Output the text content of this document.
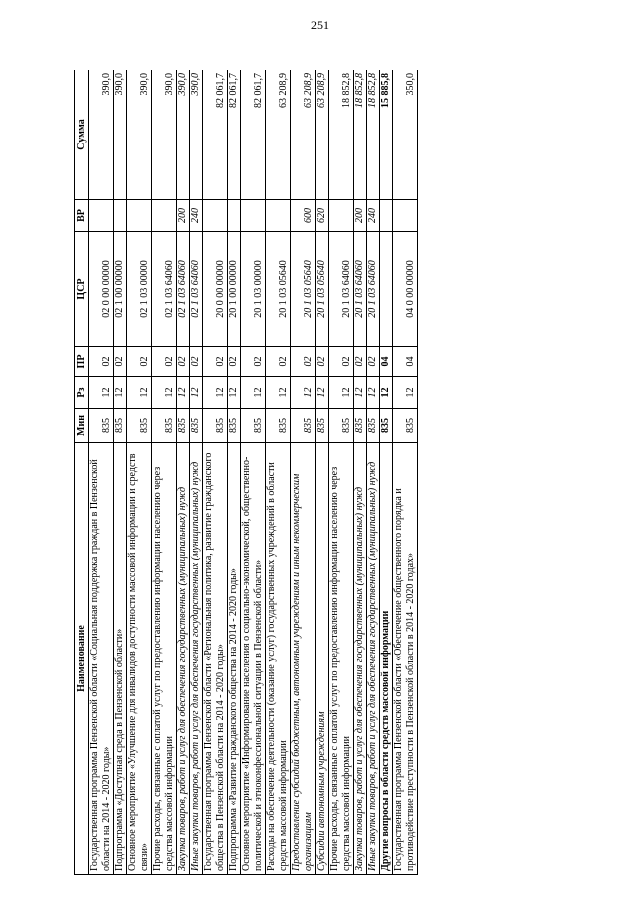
251
Наименование	Мин	Рз	ПР	ЦСР	ВР	Сумма
Государственная программа Пензенской области «Социальная поддержка граждан в Пензенской области на 2014 - 2020 годы»	835	12	02	02 0 00 00000		390,0
Подпрограмма «Доступная среда в Пензенской области»	835	12	02	02 1 00 00000		390,0
Основное мероприятие «Улучшение для инвалидов доступности массовой информации и средств связи»	835	12	02	02 1 03 00000		390,0
Прочие расходы, связанные с оплатой услуг по предоставлению информации населению через средства массовой информации	835	12	02	02 1 03 64060		390,0
Закупка товаров, работ и услуг для обеспечения государственных (муниципальных) нужд	835	12	02	02 1 03 64060	200	390,0
Иные закупки товаров, работ и услуг для обеспечения государственных (муниципальных) нужд	835	12	02	02 1 03 64060	240	390,0
Государственная программа Пензенской области «Региональная политика, развитие гражданского общества в Пензенской области на 2014 - 2020 годы»	835	12	02	20 0 00 00000		82 061,7
Подпрограмма «Развитие гражданского общества на 2014 - 2020 годы»	835	12	02	20 1 00 00000		82 061,7
Основное мероприятие «Информирование населения о социально-экономической, общественно-политической и этноконфессиональной ситуации в Пензенской области»	835	12	02	20 1 03 00000		82 061,7
Расходы на обеспечение деятельности (оказание услуг) государственных учреждений в области средств массовой информации	835	12	02	20 1 03 05640		63 208,9
Предоставление субсидий бюджетным, автономным учреждениям и иным некоммерческим организациям	835	12	02	20 1 03 05640	600	63 208,9
Субсидии автономным учреждениям	835	12	02	20 1 03 05640	620	63 208,9
Прочие расходы, связанные с оплатой услуг по предоставлению информации населению через средства массовой информации	835	12	02	20 1 03 64060		18 852,8
Закупка товаров, работ и услуг для обеспечения государственных (муниципальных) нужд	835	12	02	20 1 03 64060	200	18 852,8
Иные закупки товаров, работ и услуг для обеспечения государственных (муниципальных) нужд	835	12	02	20 1 03 64060	240	18 852,8
Другие вопросы в области средств массовой информации	835	12	04			15 885,8
Государственная программа Пензенской области «Обеспечение общественного порядка и противодействие преступности в Пензенской области в 2014 - 2020 годах»	835	12	04	04 0 00 00000		350,0
